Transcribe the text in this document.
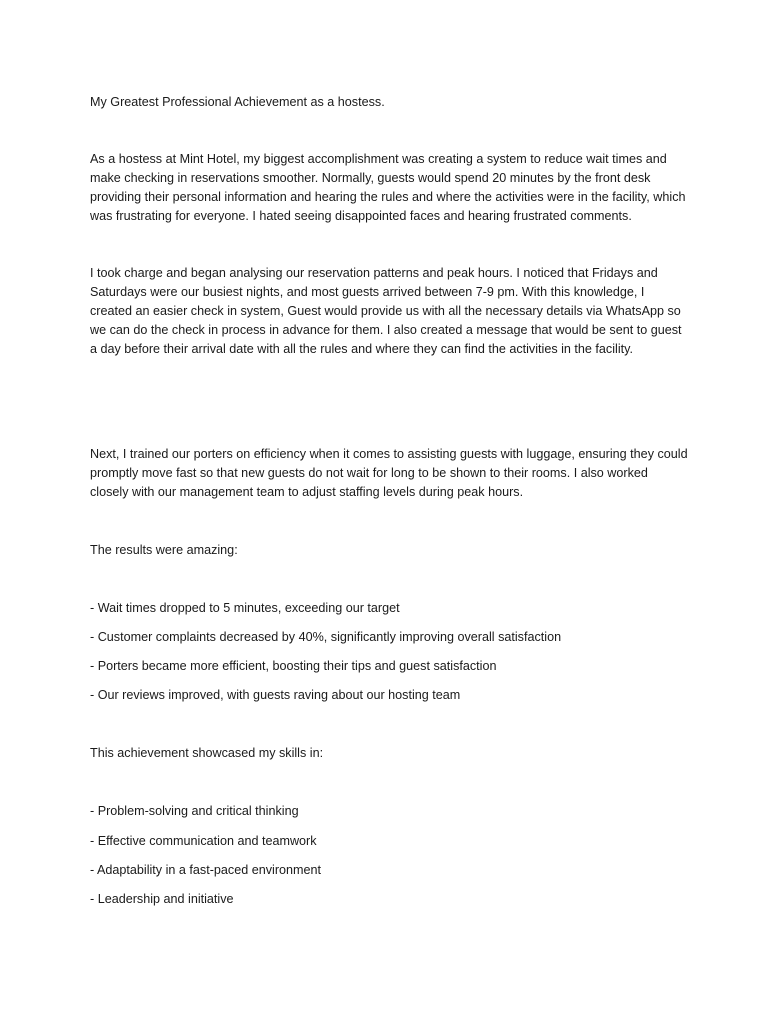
My Greatest Professional Achievement as a hostess.

As a hostess at Mint Hotel, my biggest accomplishment was creating a system to reduce wait times and make checking in reservations smoother. Normally, guests would spend 20 minutes by the front desk providing their personal information and hearing the rules and where the activities were in the facility, which was frustrating for everyone. I hated seeing disappointed faces and hearing frustrated comments.

I took charge and began analysing our reservation patterns and peak hours. I noticed that Fridays and Saturdays were our busiest nights, and most guests arrived between 7-9 pm. With this knowledge, I created an easier check in system, Guest would provide us with all the necessary details via WhatsApp so we can do the check in process in advance for them. I also created a message that would be sent to guest a day before their arrival date with all the rules and where they can find the activities in the facility.

Next, I trained our porters on efficiency when it comes to assisting guests with luggage, ensuring they could promptly move fast so that new guests do not wait for long to be shown to their rooms. I also worked closely with our management team to adjust staffing levels during peak hours.

The results were amazing:

- Wait times dropped to 5 minutes, exceeding our target

- Customer complaints decreased by 40%, significantly improving overall satisfaction

- Porters became more efficient, boosting their tips and guest satisfaction

- Our reviews improved, with guests raving about our hosting team

This achievement showcased my skills in:

- Problem-solving and critical thinking

- Effective communication and teamwork

- Adaptability in a fast-paced environment

- Leadership and initiative
